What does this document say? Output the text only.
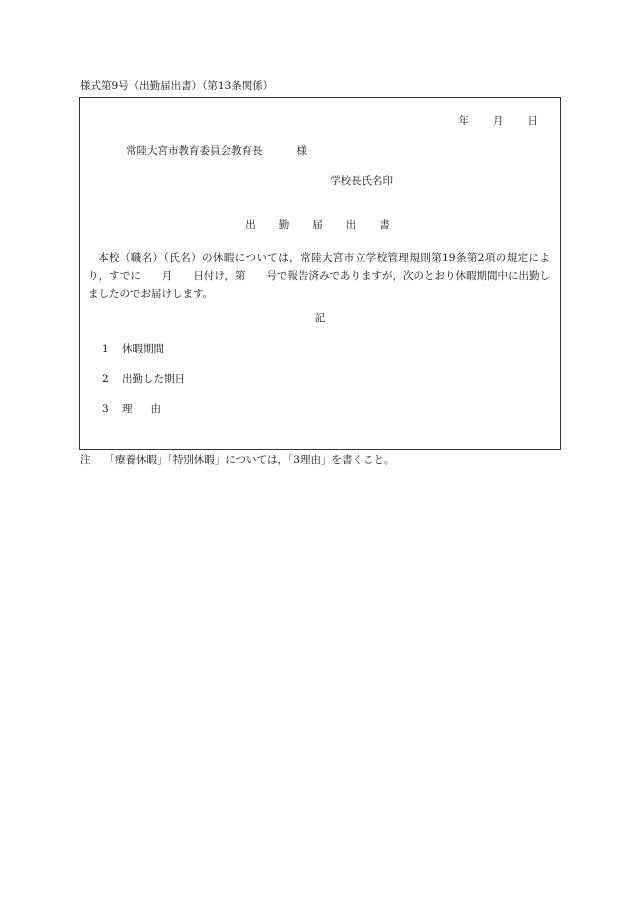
様式第9号（出勤届出書）（第13条関係）
年 月 日
常陸大宮市教育委員会教育長	様
学校長氏名印
出勤届出書
本校（職名）（氏名）の休暇については，常陸大宮市立学校管理規則第19条第2項の規定により，すでに　　月　　日付け，第　　号で報告済みでありますが，次のとおり休暇期間中に出勤しましたのでお届けします。
記
1 休暇期間
2 出勤した期日
3 理由
注 「療養休暇」「特別休暇」については，「3理由」を書くこと。
